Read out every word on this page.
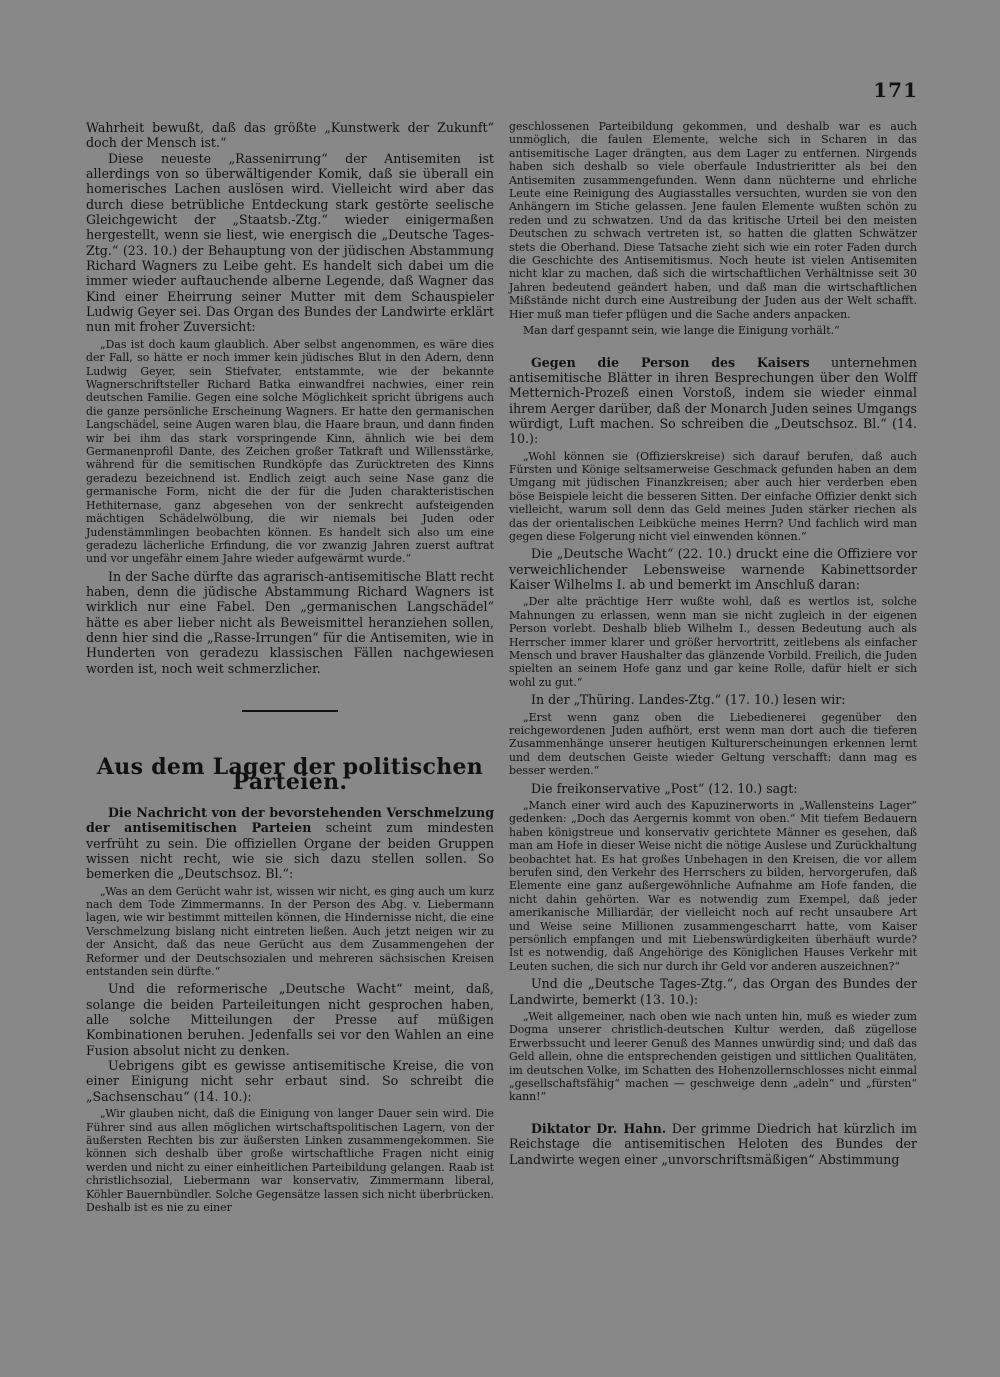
171

Wahrheit bewußt, daß das größte „Kunstwerk der Zukunft“ doch der Mensch ist.“

Diese neueste „Rassenirrung“ der Antisemiten ist allerdings von so überwältigender Komik, daß sie überall ein homerisches Lachen auslösen wird. Vielleicht wird aber das durch diese betrübliche Entdeckung stark gestörte seelische Gleichgewicht der „Staatsb.-Ztg.“ wieder einigermaßen hergestellt, wenn sie liest, wie energisch die „Deutsche Tages-Ztg.“ (23. 10.) der Behauptung von der jüdischen Abstammung Richard Wagners zu Leibe geht. Es handelt sich dabei um die immer wieder auftauchende alberne Legende, daß Wagner das Kind einer Eheirrung seiner Mutter mit dem Schauspieler Ludwig Geyer sei. Das Organ des Bundes der Landwirte erklärt nun mit froher Zuversicht:

„Das ist doch kaum glaublich. Aber selbst angenommen, es wäre dies der Fall, so hätte er noch immer kein jüdisches Blut in den Adern, denn Ludwig Geyer, sein Stiefvater, entstammte, wie der bekannte Wagnerschriftsteller Richard Batka einwandfrei nachwies, einer rein deutschen Familie. Gegen eine solche Möglichkeit spricht übrigens auch die ganze persönliche Erscheinung Wagners. Er hatte den germanischen Langschädel, seine Augen waren blau, die Haare braun, und dann finden wir bei ihm das stark vorspringende Kinn, ähnlich wie bei dem Germanenprofil Dante, des Zeichen großer Tatkraft und Willensstärke, während für die semitischen Rundköpfe das Zurücktreten des Kinns geradezu bezeichnend ist. Endlich zeigt auch seine Nase ganz die germanische Form, nicht die der für die Juden charakteristischen Hethiternase, ganz abgesehen von der senkrecht aufsteigenden mächtigen Schädelwölbung, die wir niemals bei Juden oder Judenstämmlingen beobachten können. Es handelt sich also um eine geradezu lächerliche Erfindung, die vor zwanzig Jahren zuerst auftrat und vor ungefähr einem Jahre wieder aufgewärmt wurde.“

In der Sache dürfte das agrarisch-antisemitische Blatt recht haben, denn die jüdische Abstammung Richard Wagners ist wirklich nur eine Fabel. Den „germanischen Langschädel“ hätte es aber lieber nicht als Beweismittel heranziehen sollen, denn hier sind die „Rasse-Irrungen“ für die Antisemiten, wie in Hunderten von geradezu klassischen Fällen nachgewiesen worden ist, noch weit schmerzlicher.

Aus dem Lager der politischen Parteien.

Die Nachricht von der bevorstehenden Verschmelzung der antisemitischen Parteien scheint zum mindesten verfrüht zu sein. Die offiziellen Organe der beiden Gruppen wissen nicht recht, wie sie sich dazu stellen sollen. So bemerken die „Deutschsoz. Bl.“:

„Was an dem Gerücht wahr ist, wissen wir nicht, es ging auch um kurz nach dem Tode Zimmermanns. In der Person des Abg. v. Liebermann lagen, wie wir bestimmt mitteilen können, die Hindernisse nicht, die eine Verschmelzung bislang nicht eintreten ließen. Auch jetzt neigen wir zu der Ansicht, daß das neue Gerücht aus dem Zusammengehen der Reformer und der Deutschsozialen und mehreren sächsischen Kreisen entstanden sein dürfte.“

Und die reformerische „Deutsche Wacht“ meint, daß, solange die beiden Parteileitungen nicht gesprochen haben, alle solche Mitteilungen der Presse auf müßigen Kombinationen beruhen. Jedenfalls sei vor den Wahlen an eine Fusion absolut nicht zu denken.

Uebrigens gibt es gewisse antisemitische Kreise, die von einer Einigung nicht sehr erbaut sind. So schreibt die „Sachsenschau“ (14. 10.):

„Wir glauben nicht, daß die Einigung von langer Dauer sein wird. Die Führer sind aus allen möglichen wirtschaftspolitischen Lagern, von der äußersten Rechten bis zur äußersten Linken zusammengekommen. Sie können sich deshalb über große wirtschaftliche Fragen nicht einig werden und nicht zu einer einheitlichen Parteibildung gelangen. Raab ist christlichsozial, Liebermann war konservativ, Zimmermann liberal, Köhler Bauernbündler. Solche Gegensätze lassen sich nicht überbrücken. Deshalb ist es nie zu einer

geschlossenen Parteibildung gekommen, und deshalb war es auch unmöglich, die faulen Elemente, welche sich in Scharen in das antisemitische Lager drängten, aus dem Lager zu entfernen. Nirgends haben sich deshalb so viele oberfaule Industrieritter als bei den Antisemiten zusammengefunden. Wenn dann nüchterne und ehrliche Leute eine Reinigung des Augiasstalles versuchten, wurden sie von den Anhängern im Stiche gelassen. Jene faulen Elemente wußten schön zu reden und zu schwatzen. Und da das kritische Urteil bei den meisten Deutschen zu schwach vertreten ist, so hatten die glatten Schwätzer stets die Oberhand. Diese Tatsache zieht sich wie ein roter Faden durch die Geschichte des Antisemitismus. Noch heute ist vielen Antisemiten nicht klar zu machen, daß sich die wirtschaftlichen Verhältnisse seit 30 Jahren bedeutend geändert haben, und daß man die wirtschaftlichen Mißstände nicht durch eine Austreibung der Juden aus der Welt schafft. Hier muß man tiefer pflügen und die Sache anders anpacken.

Man darf gespannt sein, wie lange die Einigung vorhält.“

Gegen die Person des Kaisers unternehmen antisemitische Blätter in ihren Besprechungen über den Wolff Metternich-Prozeß einen Vorstoß, indem sie wieder einmal ihrem Aerger darüber, daß der Monarch Juden seines Umgangs würdigt, Luft machen. So schreiben die „Deutschsoz. Bl.“ (14. 10.):

„Wohl können sie (Offizierskreise) sich darauf berufen, daß auch Fürsten und Könige seltsamerweise Geschmack gefunden haben an dem Umgang mit jüdischen Finanzkreisen; aber auch hier verderben eben böse Beispiele leicht die besseren Sitten. Der einfache Offizier denkt sich vielleicht, warum soll denn das Geld meines Juden stärker riechen als das der orientalischen Leibküche meines Herrn? Und fachlich wird man gegen diese Folgerung nicht viel einwenden können.“

Die „Deutsche Wacht“ (22. 10.) druckt eine die Offiziere vor verweichlichender Lebensweise warnende Kabinettsorder Kaiser Wilhelms I. ab und bemerkt im Anschluß daran:

„Der alte prächtige Herr wußte wohl, daß es wertlos ist, solche Mahnungen zu erlassen, wenn man sie nicht zugleich in der eigenen Person vorlebt. Deshalb blieb Wilhelm I., dessen Bedeutung auch als Herrscher immer klarer und größer hervortritt, zeitlebens als einfacher Mensch und braver Haushalter das glänzende Vorbild. Freilich, die Juden spielten an seinem Hofe ganz und gar keine Rolle, dafür hielt er sich wohl zu gut.“

In der „Thüring. Landes-Ztg.“ (17. 10.) lesen wir:

„Erst wenn ganz oben die Liebedienerei gegenüber den reichgewordenen Juden aufhört, erst wenn man dort auch die tieferen Zusammenhänge unserer heutigen Kulturerscheinungen erkennen lernt und dem deutschen Geiste wieder Geltung verschafft: dann mag es besser werden.“

Die freikonservative „Post“ (12. 10.) sagt:

„Manch einer wird auch des Kapuzinerworts in „Wallensteins Lager“ gedenken: „Doch das Aergernis kommt von oben.“ Mit tiefem Bedauern haben königstreue und konservativ gerichtete Männer es gesehen, daß man am Hofe in dieser Weise nicht die nötige Auslese und Zurückhaltung beobachtet hat. Es hat großes Unbehagen in den Kreisen, die vor allem berufen sind, den Verkehr des Herrschers zu bilden, hervorgerufen, daß Elemente eine ganz außergewöhnliche Aufnahme am Hofe fanden, die nicht dahin gehörten. War es notwendig zum Exempel, daß jeder amerikanische Milliardär, der vielleicht noch auf recht unsaubere Art und Weise seine Millionen zusammengescharrt hatte, vom Kaiser persönlich empfangen und mit Liebenswürdigkeiten überhäuft wurde? Ist es notwendig, daß Angehörige des Königlichen Hauses Verkehr mit Leuten suchen, die sich nur durch ihr Geld vor anderen auszeichnen?“

Und die „Deutsche Tages-Ztg.“, das Organ des Bundes der Landwirte, bemerkt (13. 10.):

„Weit allgemeiner, nach oben wie nach unten hin, muß es wieder zum Dogma unserer christlich-deutschen Kultur werden, daß zügellose Erwerbssucht und leerer Genuß des Mannes unwürdig sind; und daß das Geld allein, ohne die entsprechenden geistigen und sittlichen Qualitäten, im deutschen Volke, im Schatten des Hohenzollernschlosses nicht einmal „gesellschaftsfähig“ machen — geschweige denn „adeln“ und „fürsten“ kann!“

Diktator Dr. Hahn. Der grimme Diedrich hat kürzlich im Reichstage die antisemitischen Heloten des Bundes der Landwirte wegen einer „unvorschriftsmäßigen“ Abstimmung
